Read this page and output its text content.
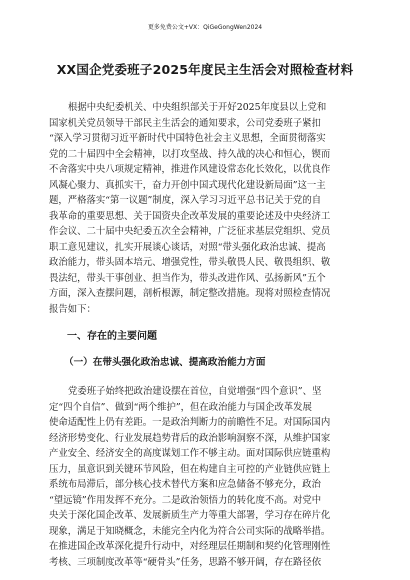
更多免费公文+VX：QiGeGongWen2024
XX国企党委班子2025年度民主生活会对照检查材料
根据中央纪委机关、中央组织部关于开好2025年度县以上党和
国家机关党员领导干部民主生活会的通知要求，公司党委班子紧扣
“深入学习贯彻习近平新时代中国特色社会主义思想，全面贯彻落实
党的二十届四中全会精神，以打攻坚战、持久战的决心和恒心，锲而
不舍落实中央八项规定精神，推进作风建设常态化长效化，以优良作
风凝心聚力、真抓实干，奋力开创中国式现代化建设新局面”这一主
题，严格落实“第一议题”制度，深入学习习近平总书记关于党的自
我革命的重要思想、关于国资央企改革发展的重要论述及中央经济工
作会议、二十届中央纪委五次全会精神，广泛征求基层党组织、党员
职工意见建议，扎实开展谈心谈话，对照“带头强化政治忠诚、提高
政治能力，带头固本培元、增强党性，带头敬畏人民、敬畏组织、敬
畏法纪，带头干事创业、担当作为，带头改进作风、弘扬新风”五个
方面，深入查摆问题，剖析根源，制定整改措施。现将对照检查情况
报告如下：
一、存在的主要问题
（一）在带头强化政治忠诚、提高政治能力方面
党委班子始终把政治建设摆在首位，自觉增强“四个意识”、坚
定“四个自信”、做到“两个维护”，但在政治能力与国企改革发展
使命适配性上仍有差距。一是政治判断力的前瞻性不足。对国际国内
经济形势变化、行业发展趋势背后的政治影响洞察不深，从维护国家
产业安全、经济安全的高度谋划工作不够主动。面对国际供应链重构
压力，虽意识到关键环节风险，但在构建自主可控的产业链供应链上
系统布局滞后，部分核心技术替代方案和应急储备不够充分，政治
“望远镜”作用发挥不充分。二是政治领悟力的转化度不高。对党中
央关于深化国企改革、发展新质生产力等重大部署，学习存在碎片化
现象，满足于知晓概念，未能完全内化为符合公司实际的战略举措。
在推进国企改革深化提升行动中，对经理层任期制和契约化管理刚性
考核、三项制度改革等“硬骨头”任务，思路不够开阔，存在路径依
